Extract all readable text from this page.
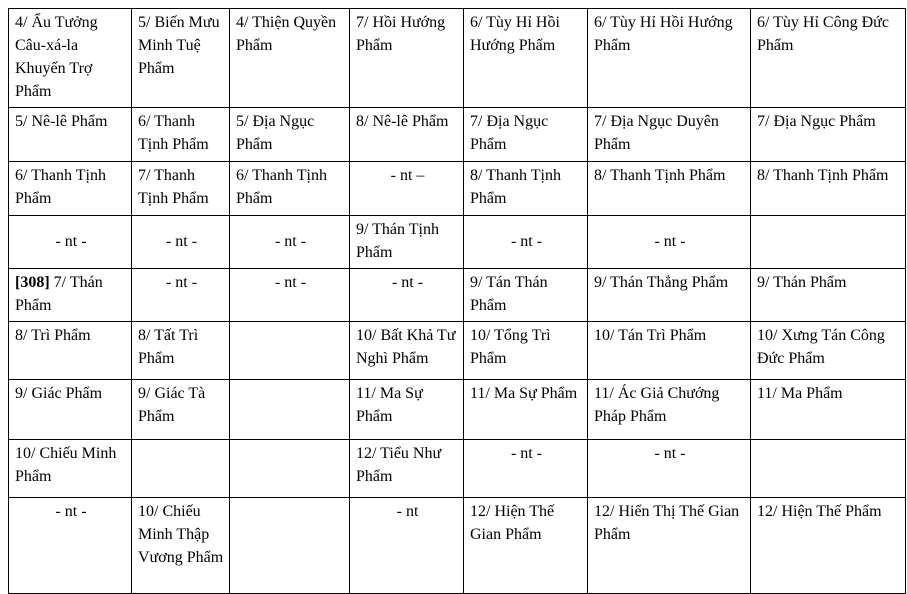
4/ Ẩu Tưởng Câu-xá-la Khuyến Trợ Phẩm	5/ Biến Mưu Minh Tuệ Phẩm	4/ Thiện Quyền Phẩm	7/ Hồi Hướng Phẩm	6/ Tùy Hỉ Hồi Hướng Phẩm	6/ Tùy Hỉ Hồi Hướng Phẩm	6/ Tùy Hỉ Công Đức Phẩm
5/ Nê-lê Phẩm	6/ Thanh Tịnh Phẩm	5/ Địa Ngục Phẩm	8/ Nê-lê Phẩm	7/ Địa Ngục Phẩm	7/ Địa Ngục Duyên Phẩm	7/ Địa Ngục Phẩm
6/ Thanh Tịnh Phẩm	7/ Thanh Tịnh Phẩm	6/ Thanh Tịnh Phẩm	- nt –	8/ Thanh Tịnh Phẩm	8/ Thanh Tịnh Phẩm	8/ Thanh Tịnh Phẩm
- nt -	- nt -	- nt -	9/ Thán Tịnh Phẩm	- nt -	- nt -	
[308] 7/ Thán Phẩm	- nt -	- nt -	- nt -	9/ Tán Thán Phẩm	9/ Thán Thắng Phẩm	9/ Thán Phẩm
8/ Trì Phẩm	8/ Tất Trì Phẩm		10/ Bất Khả Tư Nghì Phẩm	10/ Tổng Trì Phẩm	10/ Tán Trì Phẩm	10/ Xưng Tán Công Đức Phẩm
9/ Giác Phẩm	9/ Giác Tà Phẩm		11/ Ma Sự Phẩm	11/ Ma Sự Phẩm	11/ Ác Giả Chướng Pháp Phẩm	11/ Ma Phẩm
10/ Chiếu Minh Phẩm			12/ Tiểu Như Phẩm	- nt -	- nt -	
- nt -	10/ Chiếu Minh Thập Vương Phẩm		- nt	12/ Hiện Thế Gian Phẩm	12/ Hiển Thị Thế Gian Phẩm	12/ Hiện Thế Phẩm
